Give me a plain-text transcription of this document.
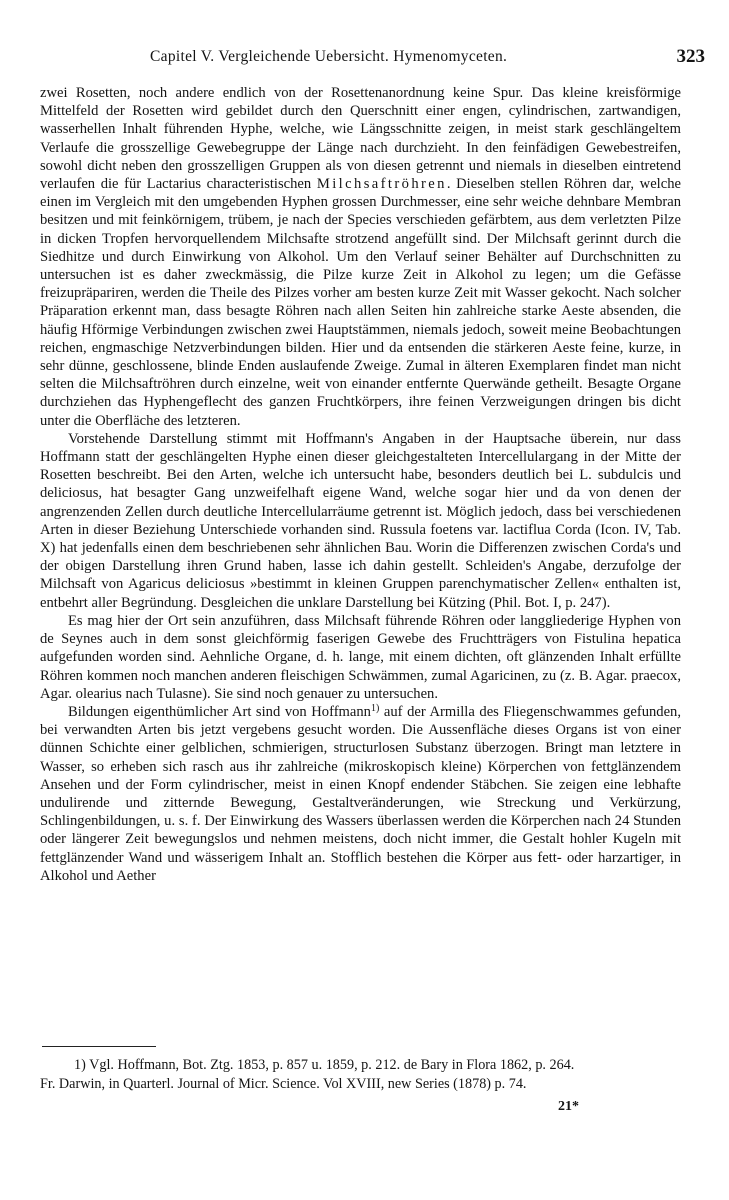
Capitel V. Vergleichende Uebersicht. Hymenomyceten.	323

zwei Rosetten, noch andere endlich von der Rosettenanordnung keine Spur. Das kleine kreisförmige Mittelfeld der Rosetten wird gebildet durch den Querschnitt einer engen, cylindrischen, zartwandigen, wasserhellen Inhalt führenden Hyphe, welche, wie Längsschnitte zeigen, in meist stark geschlängeltem Verlaufe die grosszellige Gewebegruppe der Länge nach durchzieht. In den feinfädigen Gewebestreifen, sowohl dicht neben den grosszelligen Gruppen als von diesen getrennt und niemals in dieselben eintretend verlaufen die für Lactarius characteristischen Milchsaftröhren. Dieselben stellen Röhren dar, welche einen im Vergleich mit den umgebenden Hyphen grossen Durchmesser, eine sehr weiche dehnbare Membran besitzen und mit feinkörnigem, trübem, je nach der Species verschieden gefärbtem, aus dem verletzten Pilze in dicken Tropfen hervorquellendem Milchsafte strotzend angefüllt sind. Der Milchsaft gerinnt durch die Siedhitze und durch Einwirkung von Alkohol. Um den Verlauf seiner Behälter auf Durchschnitten zu untersuchen ist es daher zweckmässig, die Pilze kurze Zeit in Alkohol zu legen; um die Gefässe freizupräpariren, werden die Theile des Pilzes vorher am besten kurze Zeit mit Wasser gekocht. Nach solcher Präparation erkennt man, dass besagte Röhren nach allen Seiten hin zahlreiche starke Aeste absenden, die häufig Hförmige Verbindungen zwischen zwei Hauptstämmen, niemals jedoch, soweit meine Beobachtungen reichen, engmaschige Netzverbindungen bilden. Hier und da entsenden die stärkeren Aeste feine, kurze, in sehr dünne, geschlossene, blinde Enden auslaufende Zweige. Zumal in älteren Exemplaren findet man nicht selten die Milchsaftröhren durch einzelne, weit von einander entfernte Querwände getheilt. Besagte Organe durchziehen das Hyphengeflecht des ganzen Fruchtkörpers, ihre feinen Verzweigungen dringen bis dicht unter die Oberfläche des letzteren.

Vorstehende Darstellung stimmt mit Hoffmann's Angaben in der Hauptsache überein, nur dass Hoffmann statt der geschlängelten Hyphe einen dieser gleichgestalteten Intercellulargang in der Mitte der Rosetten beschreibt. Bei den Arten, welche ich untersucht habe, besonders deutlich bei L. subdulcis und deliciosus, hat besagter Gang unzweifelhaft eigene Wand, welche sogar hier und da von denen der angrenzenden Zellen durch deutliche Intercellularräume getrennt ist. Möglich jedoch, dass bei verschiedenen Arten in dieser Beziehung Unterschiede vorhanden sind. Russula foetens var. lactiflua Corda (Icon. IV, Tab. X) hat jedenfalls einen dem beschriebenen sehr ähnlichen Bau. Worin die Differenzen zwischen Corda's und der obigen Darstellung ihren Grund haben, lasse ich dahin gestellt. Schleiden's Angabe, derzufolge der Milchsaft von Agaricus deliciosus »bestimmt in kleinen Gruppen parenchymatischer Zellen« enthalten ist, entbehrt aller Begründung. Desgleichen die unklare Darstellung bei Kützing (Phil. Bot. I, p. 247).

Es mag hier der Ort sein anzuführen, dass Milchsaft führende Röhren oder langgliederige Hyphen von de Seynes auch in dem sonst gleichförmig faserigen Gewebe des Fruchtträgers von Fistulina hepatica aufgefunden worden sind. Aehnliche Organe, d. h. lange, mit einem dichten, oft glänzenden Inhalt erfüllte Röhren kommen noch manchen anderen fleischigen Schwämmen, zumal Agaricinen, zu (z. B. Agar. praecox, Agar. olearius nach Tulasne). Sie sind noch genauer zu untersuchen.

Bildungen eigenthümlicher Art sind von Hoffmann$^{1)}$ auf der Armilla des Fliegenschwammes gefunden, bei verwandten Arten bis jetzt vergebens gesucht worden. Die Aussenfläche dieses Organs ist von einer dünnen Schichte einer gelblichen, schmierigen, structurlosen Substanz überzogen. Bringt man letztere in Wasser, so erheben sich rasch aus ihr zahlreiche (mikroskopisch kleine) Körperchen von fettglänzendem Ansehen und der Form cylindrischer, meist in einen Knopf endender Stäbchen. Sie zeigen eine lebhafte undulirende und zitternde Bewegung, Gestaltveränderungen, wie Streckung und Verkürzung, Schlingenbildungen, u. s. f. Der Einwirkung des Wassers überlassen werden die Körperchen nach 24 Stunden oder längerer Zeit bewegungslos und nehmen meistens, doch nicht immer, die Gestalt hohler Kugeln mit fettglänzender Wand und wässerigem Inhalt an. Stofflich bestehen die Körper aus fett- oder harzartiger, in Alkohol und Aether

1) Vgl. Hoffmann, Bot. Ztg. 1853, p. 857 u. 1859, p. 212. de Bary in Flora 1862, p. 264.

Fr. Darwin, in Quarterl. Journal of Micr. Science. Vol XVIII, new Series (1878) p. 74.

21*
